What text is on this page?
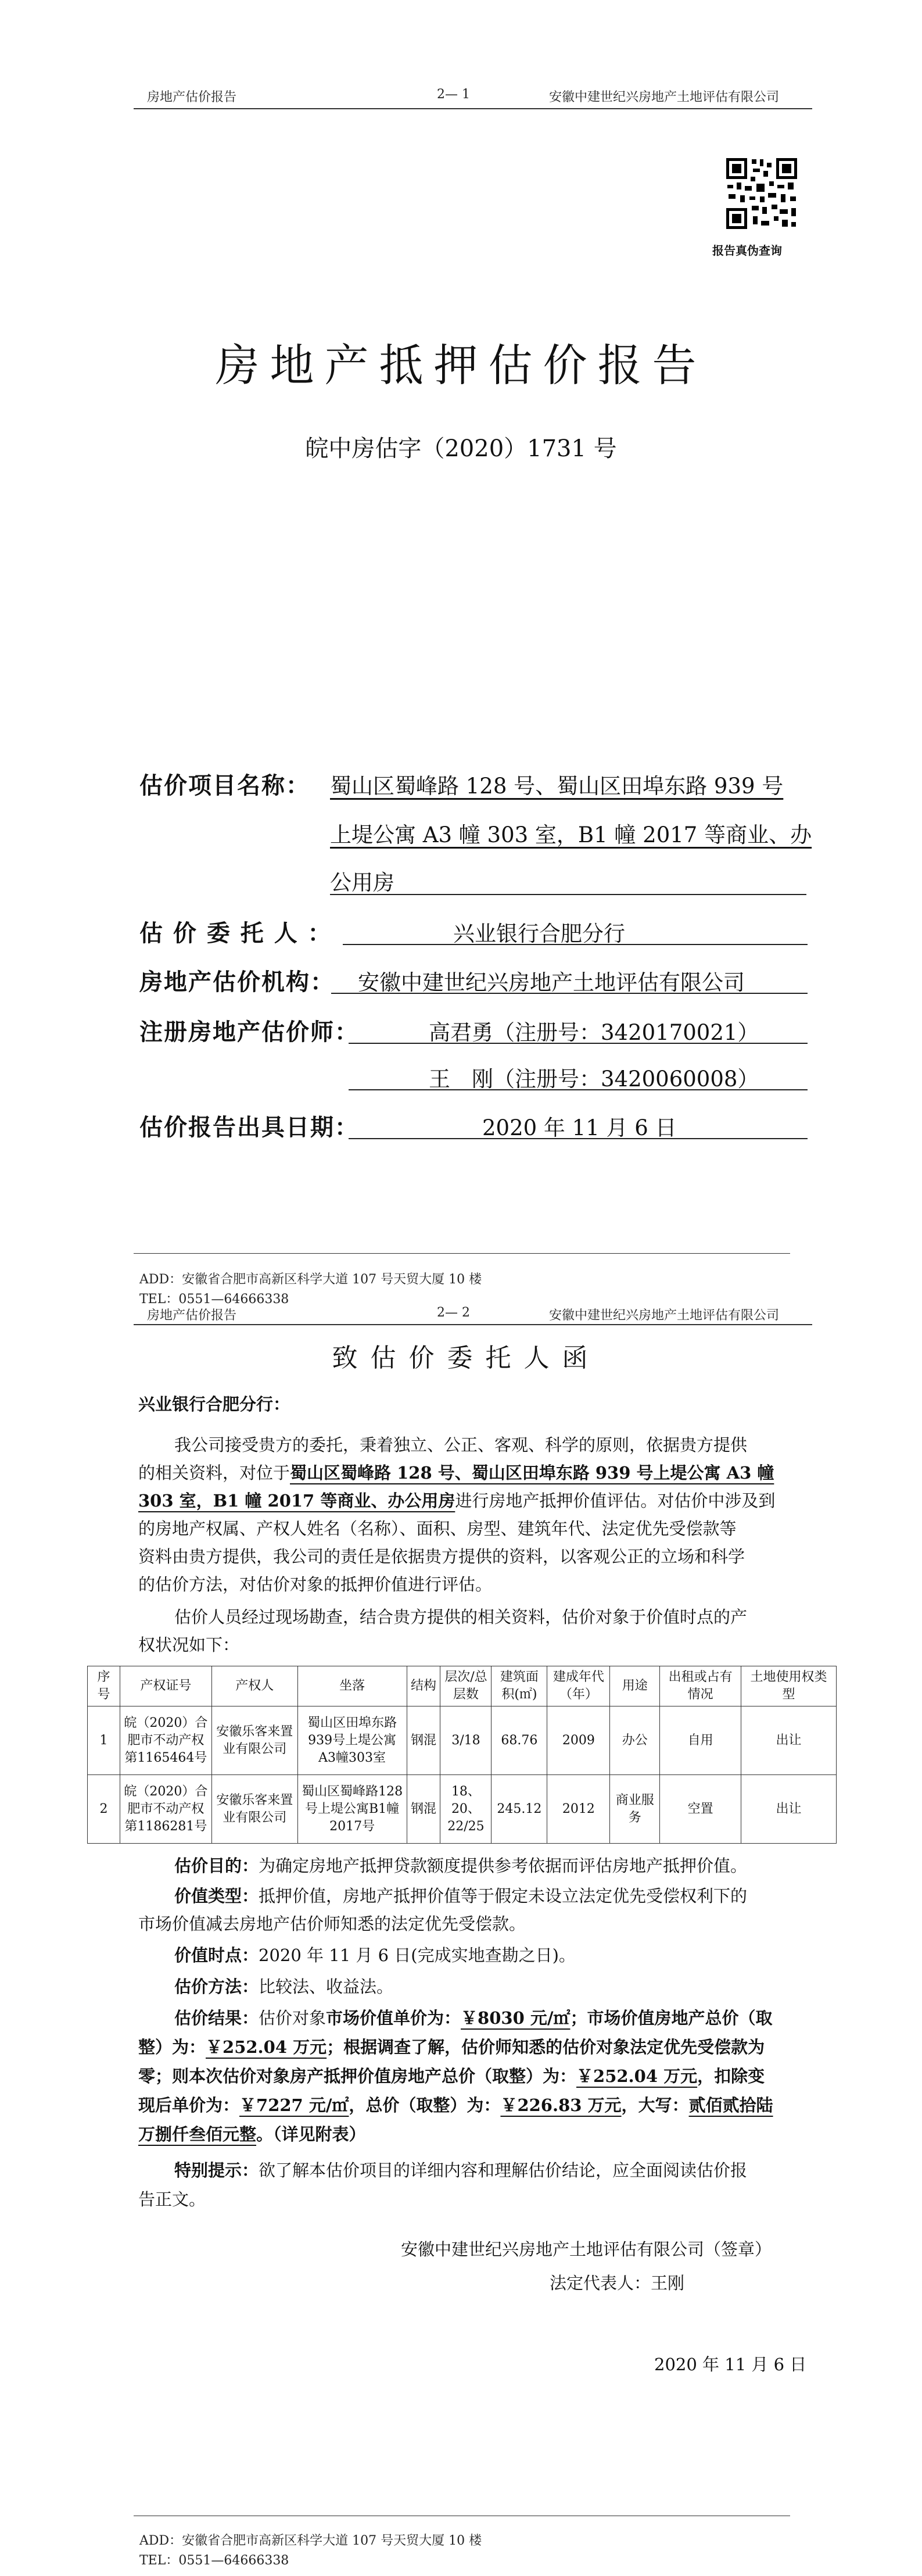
房地产估价报告	2— 1	安徽中建世纪兴房地产土地评估有限公司
报告真伪查询
房地产抵押估价报告
皖中房估字（2020）1731 号
估价项目名称： 蜀山区蜀峰路 128 号、蜀山区田埠东路 939 号
上堤公寓 A3 幢 303 室，B1 幢 2017 等商业、办
公用房
估 价 委 托 人 ：	兴业银行合肥分行
房地产估价机构： 安徽中建世纪兴房地产土地评估有限公司
注册房地产估价师：	高君勇（注册号：3420170021）
王　刚（注册号：3420060008）
估价报告出具日期：	2020 年 11 月 6 日
ADD：安徽省合肥市高新区科学大道 107 号天贸大厦 10 楼
TEL：0551—64666338
房地产估价报告	2— 2	安徽中建世纪兴房地产土地评估有限公司
致 估 价 委 托 人 函
兴业银行合肥分行：
我公司接受贵方的委托，秉着独立、公正、客观、科学的原则，依据贵方提供
的相关资料，对位于蜀山区蜀峰路 128 号、蜀山区田埠东路 939 号上堤公寓 A3 幢
303 室，B1 幢 2017 等商业、办公用房进行房地产抵押价值评估。对估价中涉及到
的房地产权属、产权人姓名（名称）、面积、房型、建筑年代、法定优先受偿款等
资料由贵方提供，我公司的责任是依据贵方提供的资料，以客观公正的立场和科学
的估价方法，对估价对象的抵押价值进行评估。
估价人员经过现场勘查，结合贵方提供的相关资料，估价对象于价值时点的产
权状况如下：
序号	产权证号	产权人	坐落	结构	层次/总层数	建筑面积(㎡)	建成年代（年）	用途	出租或占有情况	土地使用权类型
1	皖（2020）合肥市不动产权第1165464号	安徽乐客来置业有限公司	蜀山区田埠东路939号上堤公寓A3幢303室	钢混	3/18	68.76	2009	办公	自用	出让
2	皖（2020）合肥市不动产权第1186281号	安徽乐客来置业有限公司	蜀山区蜀峰路128号上堤公寓B1幢2017号	钢混	18、20、22/25	245.12	2012	商业服务	空置	出让
估价目的：为确定房地产抵押贷款额度提供参考依据而评估房地产抵押价值。
价值类型：抵押价值，房地产抵押价值等于假定未设立法定优先受偿权利下的
市场价值减去房地产估价师知悉的法定优先受偿款。
价值时点：2020 年 11 月 6 日(完成实地查勘之日)。
估价方法：比较法、收益法。
估价结果：估价对象市场价值单价为：￥8030 元/㎡；市场价值房地产总价（取
整）为：￥252.04 万元；根据调查了解，估价师知悉的估价对象法定优先受偿款为
零；则本次估价对象房产抵押价值房地产总价（取整）为：￥252.04 万元，扣除变
现后单价为：￥7227 元/㎡，总价（取整）为：￥226.83 万元，大写：贰佰贰拾陆
万捌仟叁佰元整。（详见附表）
特别提示：欲了解本估价项目的详细内容和理解估价结论，应全面阅读估价报
告正文。
安徽中建世纪兴房地产土地评估有限公司（签章）
法定代表人：王刚
2020 年 11 月 6 日
ADD：安徽省合肥市高新区科学大道 107 号天贸大厦 10 楼
TEL：0551—64666338
